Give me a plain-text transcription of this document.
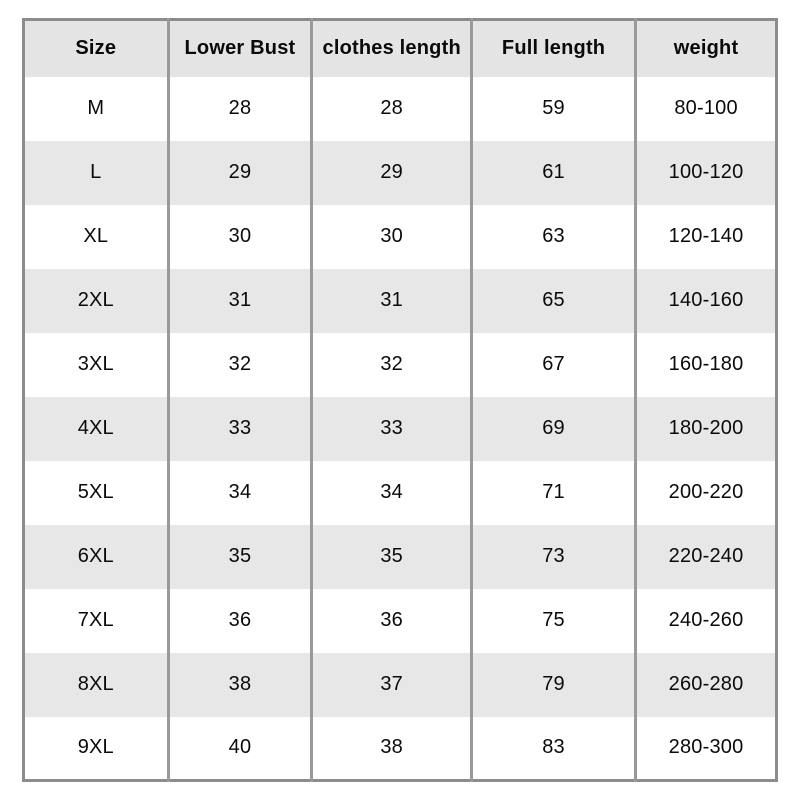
Size	Lower Bust	clothes length	Full length	weight
M	28	28	59	80-100
L	29	29	61	100-120
XL	30	30	63	120-140
2XL	31	31	65	140-160
3XL	32	32	67	160-180
4XL	33	33	69	180-200
5XL	34	34	71	200-220
6XL	35	35	73	220-240
7XL	36	36	75	240-260
8XL	38	37	79	260-280
9XL	40	38	83	280-300
